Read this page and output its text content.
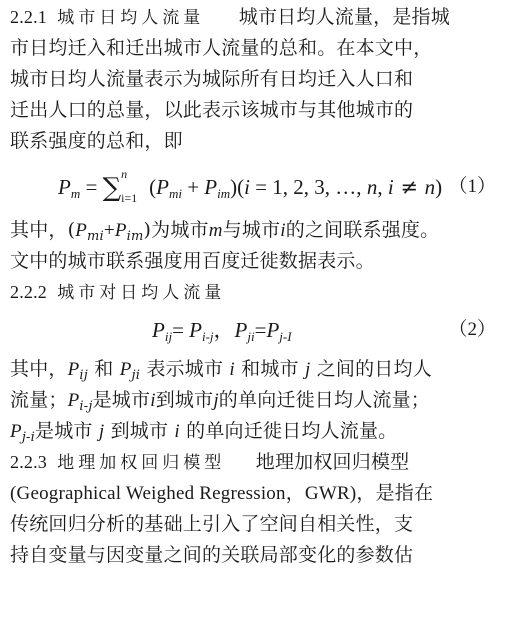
2.2.1 城市日均人流量 城市日均人流量，是指城
市日均迁入和迁出城市人流量的总和。在本文中，
城市日均人流量表示为城际所有日均迁入人口和
迁出人口的总量，以此表示该城市与其他城市的
联系强度的总和，即
$P_m$ = ∑ n
i=1 $(P_{mi} + P_{im})(i = 1$, 2, 3, …, n, i ≠ n) （1）
其中，$(P_{mi}+P_{im})$为城市m与城市i的之间联系强度。
文中的城市联系强度用百度迁徙数据表示。
2.2.2 城市对日均人流量
$P_{ij}= P_{i-j}$，$P_{ji}=P_{j-I}$	（2）
其中，$P_{ij}$ 和 $P_{ji}$ 表示城市 i 和城市 j 之间的日均人
流量；$P_{i-j}$是城市i到城市j的单向迁徙日均人流量；
$P_{j-i}$是城市 j 到城市 i 的单向迁徙日均人流量。
2.2.3 地理加权回归模型 地理加权回归模型
(Geographical Weighed Regression，GWR)，是指在
传统回归分析的基础上引入了空间自相关性，支
持自变量与因变量之间的关联局部变化的参数估
